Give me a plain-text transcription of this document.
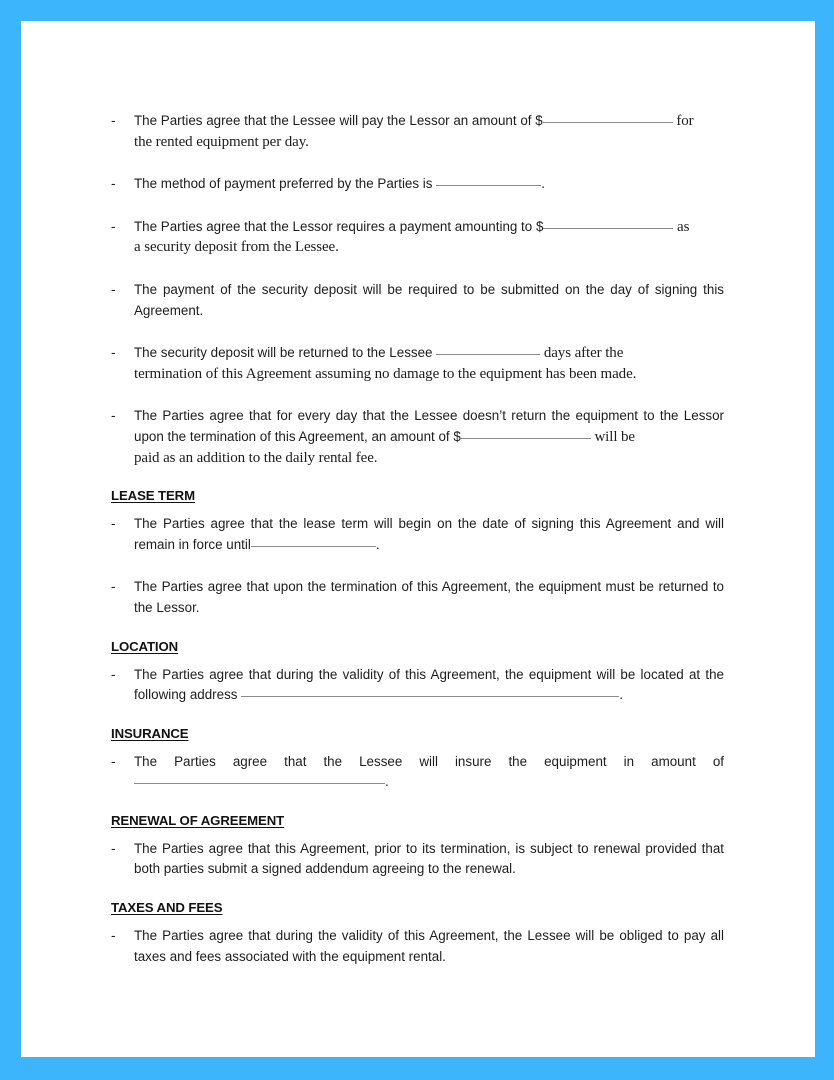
-	The Parties agree that the Lessee will pay the Lessor an amount of $	for
the rented equipment per day.
-	The method of payment preferred by the Parties is	.
-	The Parties agree that the Lessor requires a payment amounting to $	as
a security deposit from the Lessee.
-	The payment of the security deposit will be required to be submitted on the day of signing this Agreement.
-	The security deposit will be returned to the Lessee	days after the
termination of this Agreement assuming no damage to the equipment has been made.
-	The Parties agree that for every day that the Lessee doesn’t return the equipment to the Lessor upon the termination of this Agreement, an amount of $	will be
paid as an addition to the daily rental fee.
LEASE TERM
-	The Parties agree that the lease term will begin on the date of signing this Agreement and will remain in force until	.
-	The Parties agree that upon the termination of this Agreement, the equipment must be returned to the Lessor.
LOCATION
-	The Parties agree that during the validity of this Agreement, the equipment will be located at the following address	.
INSURANCE
-	The Parties agree that the Lessee will insure the equipment in amount of.
RENEWAL OF AGREEMENT
-	The Parties agree that this Agreement, prior to its termination, is subject to renewal provided that both parties submit a signed addendum agreeing to the renewal.
TAXES AND FEES
-	The Parties agree that during the validity of this Agreement, the Lessee will be obliged to pay all taxes and fees associated with the equipment rental.
